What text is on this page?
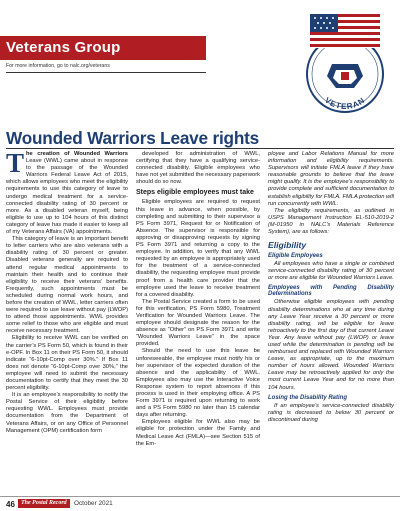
Veterans Group
For more information, go to nalc.org/veterans
VETERAN
Wounded Warriors Leave rights

The creation of Wounded Warriors Leave (WWL) came about in response to the passage of the Wounded Warriors Federal Leave Act of 2015, which allows employees who meet the eligibility requirements to use this category of leave to undergo medical treatment for a service-connected disability rating of 30 percent or more. As a disabled veteran myself, being eligible to use up to 104 hours of this distinct category of leave has made it easier to keep all of my Veterans Affairs (VA) appointments.

This category of leave is an important benefit to letter carriers who are also veterans with a disability rating of 30 percent or greater. Disabled veterans generally are required to attend regular medical appointments to maintain their health and to continue their eligibility to receive their veterans’ benefits. Frequently, such appointments must be scheduled during normal work hours, and before the creation of WWL, letter carriers often were required to use leave without pay (LWOP) to attend those appointments. WWL provides some relief to those who are eligible and must receive necessary treatment.

Eligibility to receive WWL can be verified on the carrier’s PS Form 50, which is found in their e-OPF. In Box 11 on their PS Form 50, it should indicate “6-10pt-Comp over 30%.” If Box 11 does not denote “6-10pt-Comp over 30%,” the employee will need to submit the necessary documentation to certify that they meet the 30 percent eligibility.

It is an employee’s responsibility to notify the Postal Service of their eligibility before requesting WWL. Employees must provide documentation from the Department of Veterans Affairs, or on any Office of Personnel Management (OPM) certification form

developed for administration of WWL, certifying that they have a qualifying service-connected disability. Eligible employees who have not yet submitted the necessary paperwork should do so now.

Steps eligible employees must take

Eligible employees are required to request this leave in advance, when possible, by completing and submitting to their supervisor a PS Form 3971, Request for or Notification of Absence. The supervisor is responsible for approving or disapproving requests by signing PS Form 3971 and returning a copy to the employee. In addition, to verify that any WWL requested by an employee is appropriately used for the treatment of a service-connected disability, the requesting employee must provide proof from a health care provider that the employee used the leave to receive treatment for a covered disability.

The Postal Service created a form to be used for this verification, PS Form 5980, Treatment Verification for Wounded Warriors Leave. The employee should designate the reason for the absence as “Other” on PS Form 3971 and write “Wounded Warriors Leave” in the space provided.

Should the need to use this leave be unforeseeable, the employee must notify his or her supervisor of the expected duration of the absence and the applicability of WWL. Employees also may use the Interactive Voice Response system to report absences if this process is used in their employing office. A PS Form 3971 is required upon returning to work and a PS Form 5980 no later than 15 calendar days after returning.

Employees eligible for WWL also may be eligible for protection under the Family and Medical Leave Act (FMLA)—see Section 515 of the Em-

ployee and Labor Relations Manual for more information and eligibility requirements. Supervisors will initiate FMLA leave if they have reasonable grounds to believe that the leave might qualify. It is the employee’s responsibility to provide complete and sufficient documentation to establish eligibility for FMLA. FMLA protection will run concurrently with WWL.

The eligibility requirements, as outlined in USPS Management Instruction EL-510-2019-2 (M-01950 in NALC’s Materials Reference System), are as follows:

Eligibility
Eligible Employees

All employees who have a single or combined service-connected disability rating of 30 percent or more are eligible for Wounded Warriors Leave.

Employees with Pending Disability Determinations

Otherwise eligible employees with pending disability determinations who at any time during any Leave Year receive a 30 percent or more disability rating, will be eligible for leave retroactively to the first day of that current Leave Year. Any leave without pay (LWOP) or leave used while the determination is pending will be reimbursed and replaced with Wounded Warriors Leave, as appropriate, up to the maximum number of hours allowed. Wounded Warriors Leave may be retroactively applied for only the most current Leave Year and for no more than 104 hours.

Losing the Disability Rating

If an employee’s service-connected disability rating is decreased to below 30 percent or discontinued during

46	The Postal Record	October 2021
